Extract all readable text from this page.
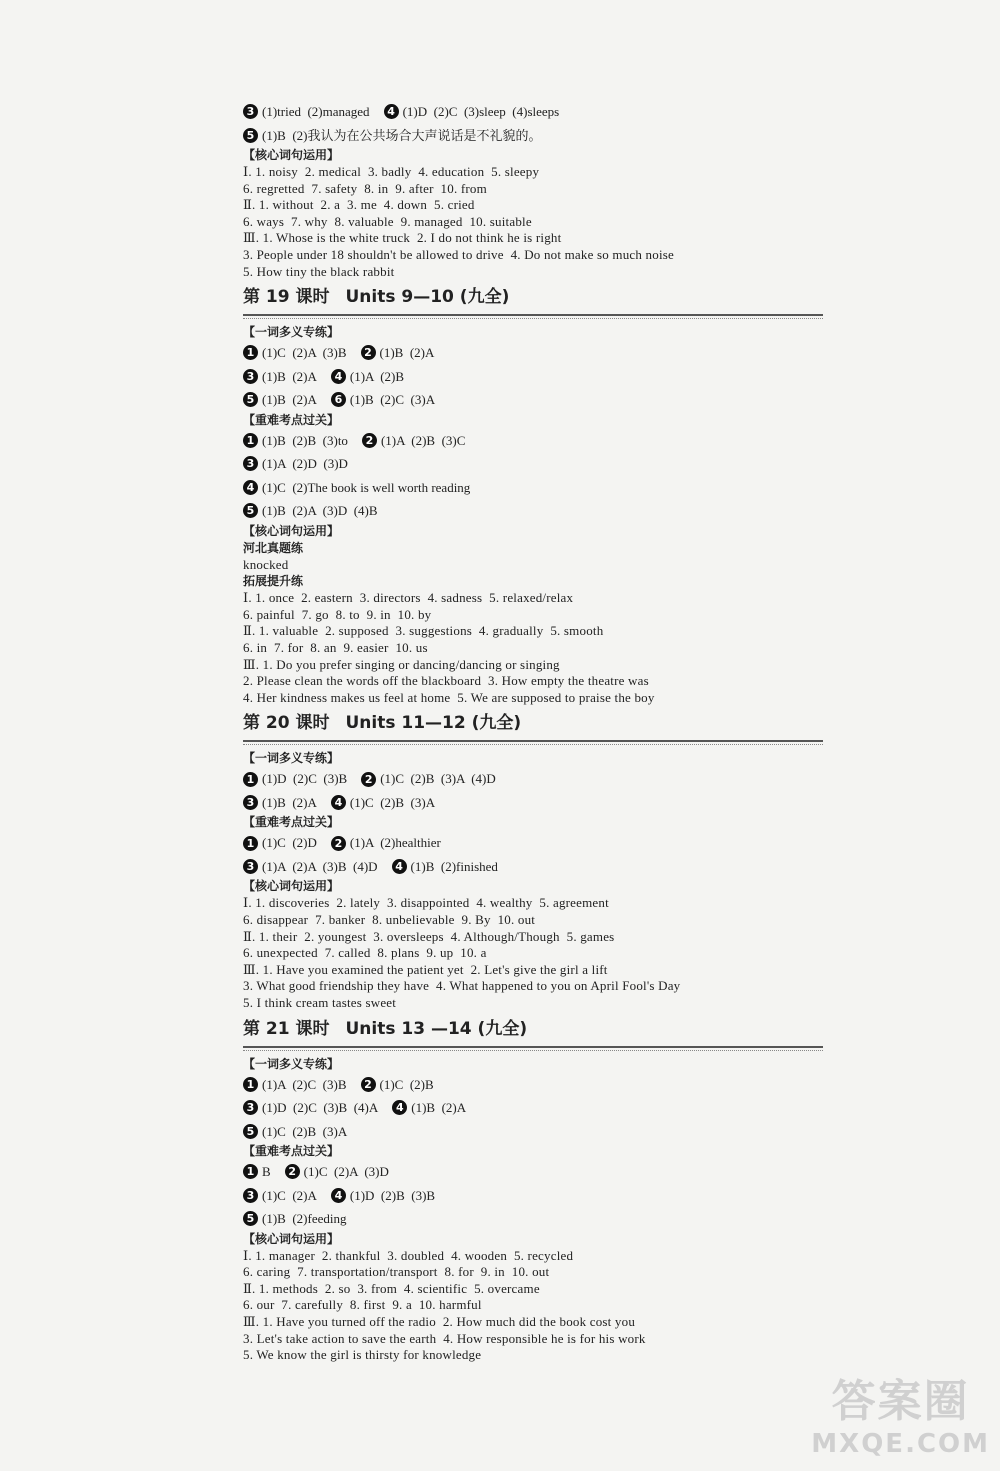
3 (1)tried  (2)managed	4 (1)D  (2)C  (3)sleep  (4)sleeps
5 (1)B  (2)我认为在公共场合大声说话是不礼貌的。
【核心词句运用】
Ⅰ. 1. noisy  2. medical  3. badly  4. education  5. sleepy
6. regretted  7. safety  8. in  9. after  10. from
Ⅱ. 1. without  2. a  3. me  4. down  5. cried
6. ways  7. why  8. valuable  9. managed  10. suitable
Ⅲ. 1. Whose is the white truck  2. I do not think he is right
3. People under 18 shouldn't be allowed to drive  4. Do not make so much noise
5. How tiny the black rabbit
第 19 课时 Units 9—10 (九全)
【一词多义专练】
1 (1)C  (2)A  (3)B	2 (1)B  (2)A
3 (1)B  (2)A	4 (1)A  (2)B
5 (1)B  (2)A	6 (1)B  (2)C  (3)A
【重难考点过关】
1 (1)B  (2)B  (3)to	2 (1)A  (2)B  (3)C
3 (1)A  (2)D  (3)D
4 (1)C  (2)The book is well worth reading
5 (1)B  (2)A  (3)D  (4)B
【核心词句运用】
河北真题练
knocked
拓展提升练
Ⅰ. 1. once  2. eastern  3. directors  4. sadness  5. relaxed/relax
6. painful  7. go  8. to  9. in  10. by
Ⅱ. 1. valuable  2. supposed  3. suggestions  4. gradually  5. smooth
6. in  7. for  8. an  9. easier  10. us
Ⅲ. 1. Do you prefer singing or dancing/dancing or singing
2. Please clean the words off the blackboard  3. How empty the theatre was
4. Her kindness makes us feel at home  5. We are supposed to praise the boy
第 20 课时 Units 11—12 (九全)
【一词多义专练】
1 (1)D  (2)C  (3)B	2 (1)C  (2)B  (3)A  (4)D
3 (1)B  (2)A	4 (1)C  (2)B  (3)A
【重难考点过关】
1 (1)C  (2)D	2 (1)A  (2)healthier
3 (1)A  (2)A  (3)B  (4)D	4 (1)B  (2)finished
【核心词句运用】
Ⅰ. 1. discoveries  2. lately  3. disappointed  4. wealthy  5. agreement
6. disappear  7. banker  8. unbelievable  9. By  10. out
Ⅱ. 1. their  2. youngest  3. oversleeps  4. Although/Though  5. games
6. unexpected  7. called  8. plans  9. up  10. a
Ⅲ. 1. Have you examined the patient yet  2. Let's give the girl a lift
3. What good friendship they have  4. What happened to you on April Fool's Day
5. I think cream tastes sweet
第 21 课时 Units 13 —14 (九全)
【一词多义专练】
1 (1)A  (2)C  (3)B	2 (1)C  (2)B
3 (1)D  (2)C  (3)B  (4)A	4 (1)B  (2)A
5 (1)C  (2)B  (3)A
【重难考点过关】
1 B	2 (1)C  (2)A  (3)D
3 (1)C  (2)A	4 (1)D  (2)B  (3)B
5 (1)B  (2)feeding
【核心词句运用】
Ⅰ. 1. manager  2. thankful  3. doubled  4. wooden  5. recycled
6. caring  7. transportation/transport  8. for  9. in  10. out
Ⅱ. 1. methods  2. so  3. from  4. scientific  5. overcame
6. our  7. carefully  8. first  9. a  10. harmful
Ⅲ. 1. Have you turned off the radio  2. How much did the book cost you
3. Let's take action to save the earth  4. How responsible he is for his work
5. We know the girl is thirsty for knowledge
答案圈
MXQE.COM
